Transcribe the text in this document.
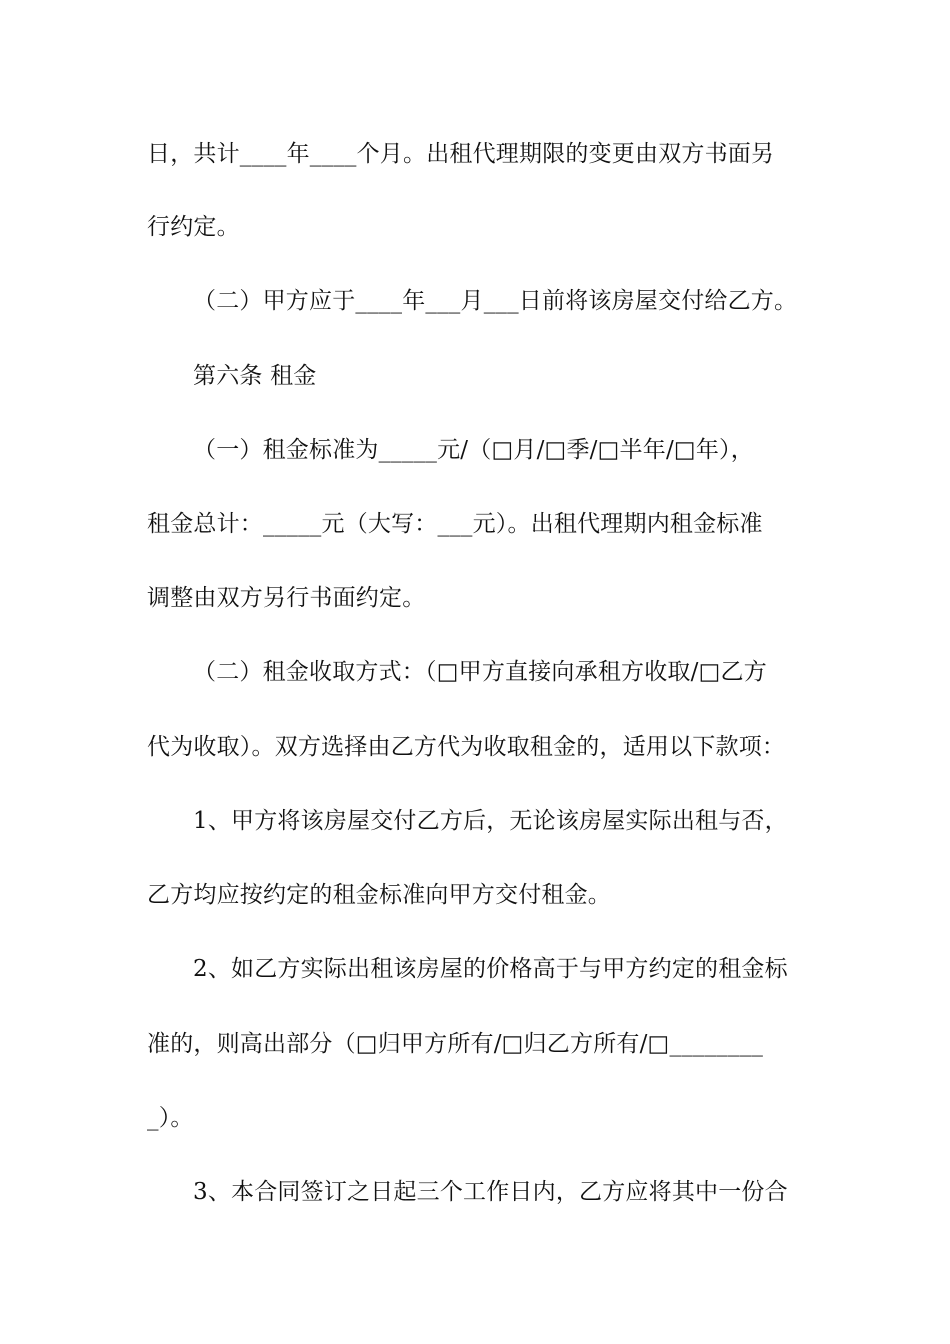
日，共计____年____个月。出租代理期限的变更由双方书面另
行约定。
（二）甲方应于____年___月___日前将该房屋交付给乙方。
第六条 租金
（一）租金标准为_____元/（□月/□季/□半年/□年），
租金总计：_____元（大写：___元）。出租代理期内租金标准
调整由双方另行书面约定。
（二）租金收取方式：（□甲方直接向承租方收取/□乙方
代为收取）。双方选择由乙方代为收取租金的，适用以下款项：
1、甲方将该房屋交付乙方后，无论该房屋实际出租与否，
乙方均应按约定的租金标准向甲方交付租金。
2、如乙方实际出租该房屋的价格高于与甲方约定的租金标
准的，则高出部分（□归甲方所有/□归乙方所有/□________
_）。
3、本合同签订之日起三个工作日内，乙方应将其中一份合
